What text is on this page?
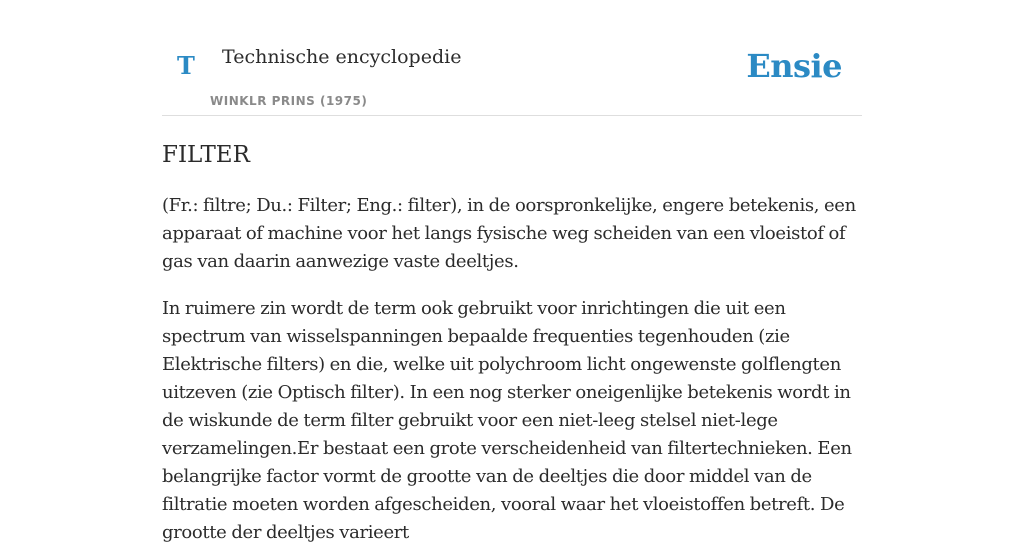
T Technische encyclopedie
WINKLR PRINS (1975)
Ensie
FILTER

(Fr.: filtre; Du.: Filter; Eng.: filter), in de oorspronkelijke, engere betekenis, een apparaat of machine voor het langs fysische weg scheiden van een vloeistof of gas van daarin aanwezige vaste deeltjes.

In ruimere zin wordt de term ook gebruikt voor inrichtingen die uit een spectrum van wisselspanningen bepaalde frequenties tegenhouden (zie Elektrische filters) en die, welke uit polychroom licht ongewenste golflengten uitzeven (zie Optisch filter). In een nog sterker oneigenlijke betekenis wordt in de wiskunde de term filter gebruikt voor een niet-leeg stelsel niet-lege verzamelingen.Er bestaat een grote verscheidenheid van filtertechnieken. Een belangrijke factor vormt de grootte van de deeltjes die door middel van de filtratie moeten worden afgescheiden, vooral waar het vloeistoffen betreft. De grootte der deeltjes varieert
